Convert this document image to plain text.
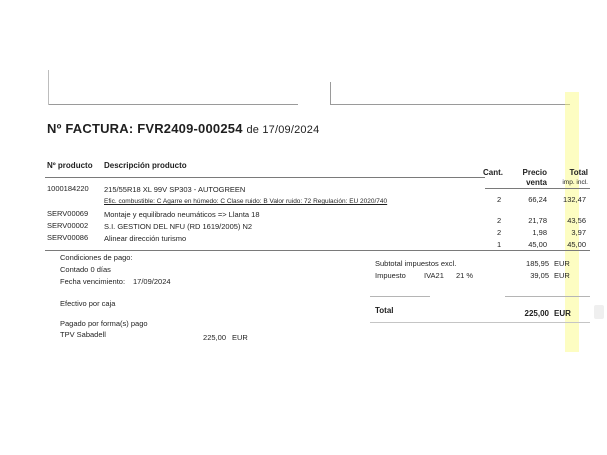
Nº FACTURA: FVR2409-000254 de 17/09/2024
Nº producto Descripción producto
Cant.	Precio
venta
Total
imp. incl.
1000184220 215/55R18 XL 99V SP303 - AUTOGREEN
2	66,24	132,47
Efic. combustible: C Agarre en húmedo: C Clase ruido: B Valor ruido: 72 Regulación: EU 2020/740
SERV00069 Montaje y equilibrado neumáticos => Llanta 18
2	21,78	43,56
SERV00002 S.I. GESTION DEL NFU (RD 1619/2005) N2
2	1,98	3,97
SERV00086 Alinear dirección turismo
1	45,00	45,00
Condiciones de pago:
Contado 0 días
Fecha vencimiento: 17/09/2024
Efectivo por caja
Pagado por forma(s) pago
TPV Sabadell	225,00 EUR
Subtotal impuestos excl.	185,95 EUR
Impuesto IVA21 21 %	39,05 EUR
Total	225,00 EUR
